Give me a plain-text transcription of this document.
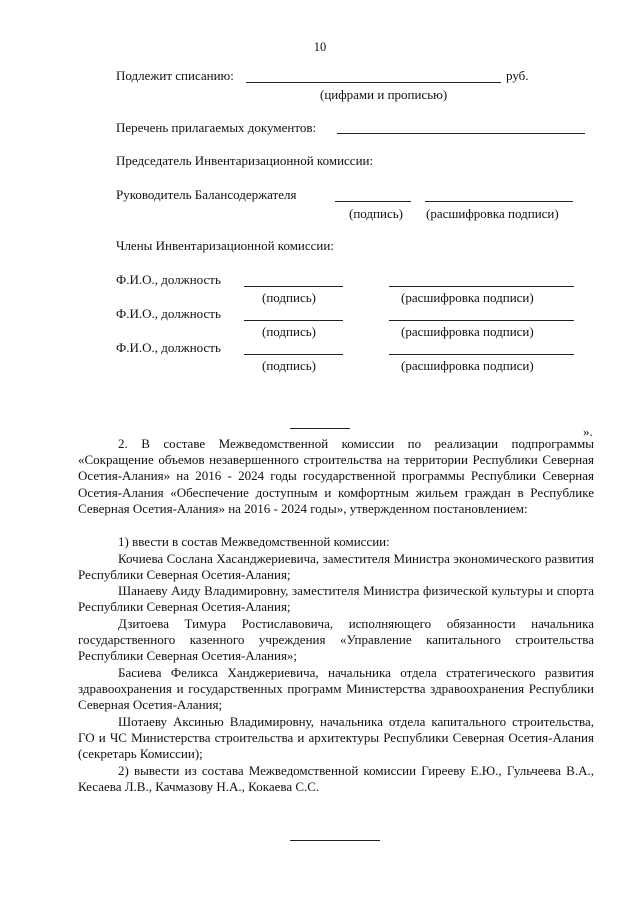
10
Подлежит списанию:	руб.
(цифрами и прописью)
Перечень прилагаемых документов:
Председатель Инвентаризационной комиссии:
Руководитель Балансодержателя
(подпись) (расшифровка подписи)
Члены Инвентаризационной комиссии:
Ф.И.О., должность
(подпись)	(расшифровка подписи)
Ф.И.О., должность
(подпись)	(расшифровка подписи)
Ф.И.О., должность
(подпись)	(расшифровка подписи)
».

2. В составе Межведомственной комиссии по реализации подпрограммы «Сокращение объемов незавершенного строительства на территории Республики Северная Осетия-Алания» на 2016 - 2024 годы государственной программы Республики Северная Осетия-Алания «Обеспечение доступным и комфортным жильем граждан в Республике Северная Осетия-Алания» на 2016 - 2024 годы», утвержденном постановлением:

1) ввести в состав Межведомственной комиссии:

Кочиева Сослана Хасанджериевича, заместителя Министра экономического развития Республики Северная Осетия-Алания;

Шанаеву Аиду Владимировну, заместителя Министра физической культуры и спорта Республики Северная Осетия-Алания;

Дзитоева Тимура Ростиславовича, исполняющего обязанности начальника государственного казенного учреждения «Управление капитального строительства Республики Северная Осетия-Алания»;

Басиева Феликса Ханджериевича, начальника отдела стратегического развития здравоохранения и государственных программ Министерства здравоохранения Республики Северная Осетия-Алания;

Шотаеву Аксинью Владимировну, начальника отдела капитального строительства, ГО и ЧС Министерства строительства и архитектуры Республики Северная Осетия-Алания (секретарь Комиссии);

2) вывести из состава Межведомственной комиссии Гирееву Е.Ю., Гульчеева В.А., Кесаева Л.В., Качмазову Н.А., Кокаева С.С.
